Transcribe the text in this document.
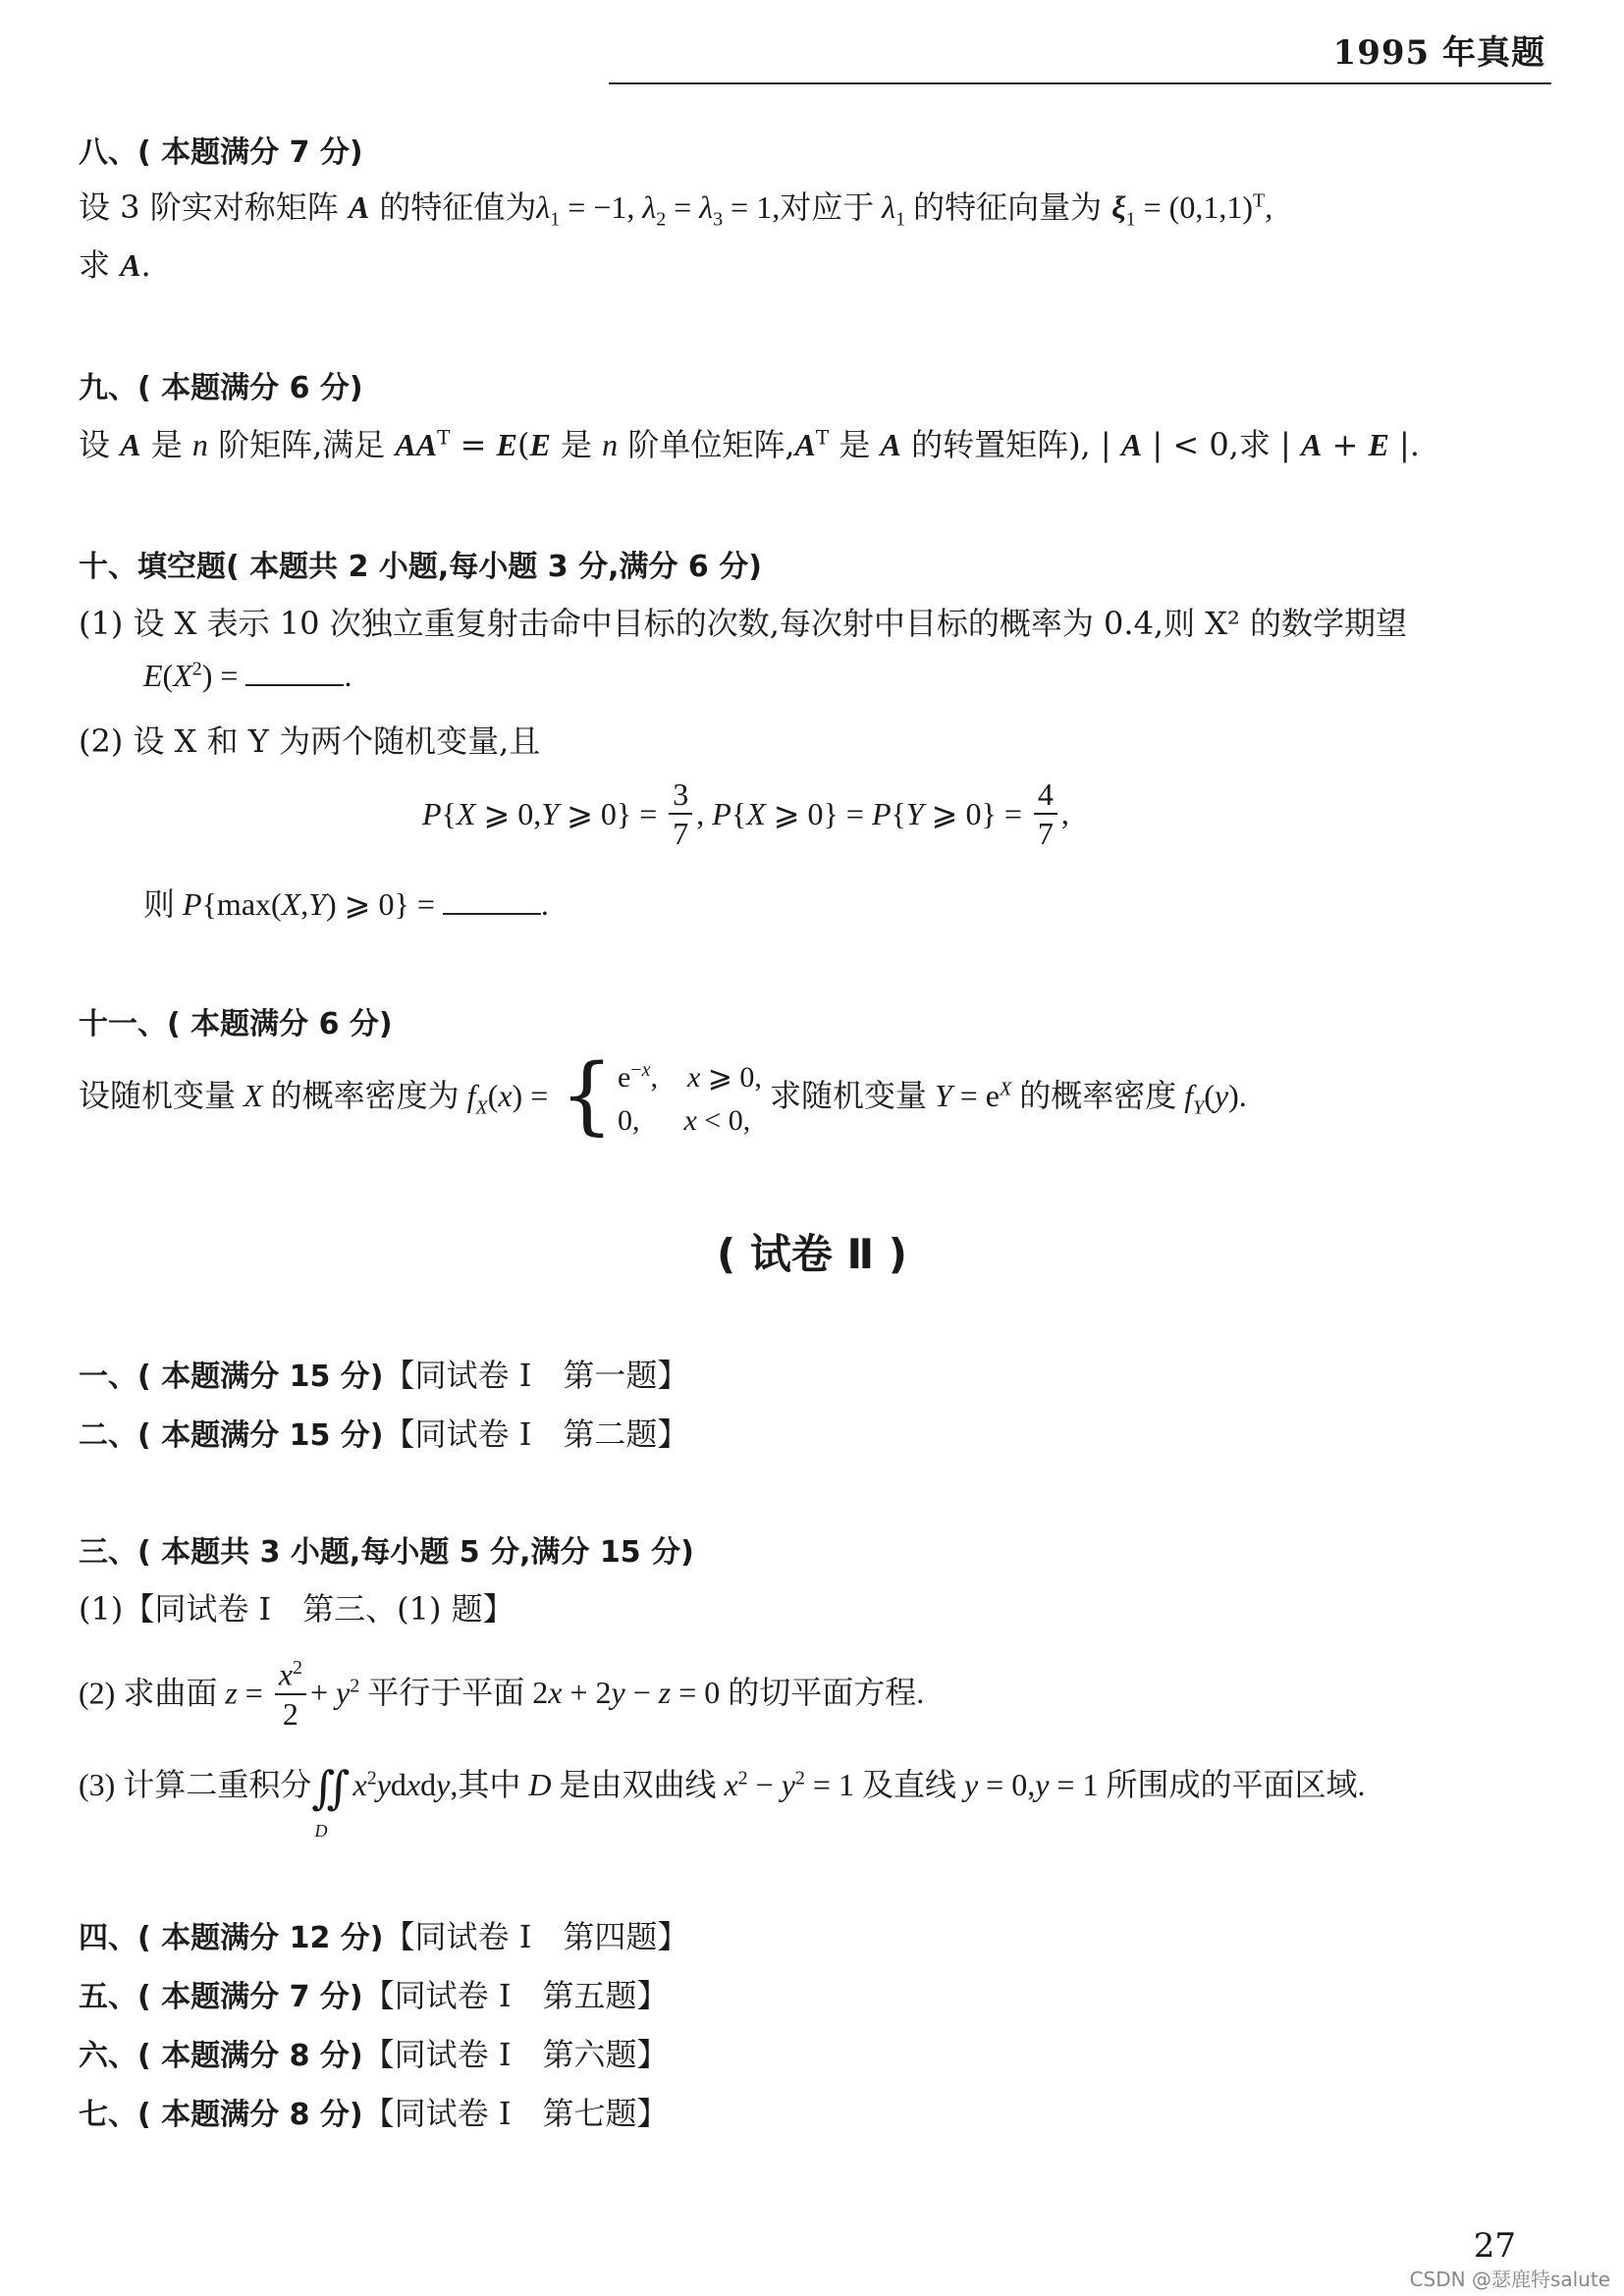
1995 年真题
八、( 本题满分 7 分)
设 3 阶实对称矩阵 A 的特征值为$\lambda_1 = -1$, $\lambda_2 = \lambda_3 = 1$,对应于 $\lambda_1$ 的特征向量为 $\xi_1 = (0,1,1)^T$,
求 A.
九、( 本题满分 6 分)
设 A 是 n 阶矩阵,满足 $AA^T = E(E$ 是 n 阶单位矩阵$,A^T$ 是 A 的转置矩阵), | A | < 0,求 | A + E |.
十、填空题( 本题共 2 小题,每小题 3 分,满分 6 分)
(1) 设 X 表示 10 次独立重复射击命中目标的次数,每次射中目标的概率为 0.4,则 X² 的数学期望
$E(X^2)$ =	.
(2) 设 X 和 Y 为两个随机变量,且
P{X ⩾ 0,Y ⩾ $0\} = \frac{3}{7}$ , P{X ⩾ 0} = P{Y ⩾ $0\} = \frac{4}{7}$ ,
则 P{max(X,Y) ⩾ 0} =	.
十一、( 本题满分 6 分)
设随机变量 X 的概率密度为 $f_X(x)$ = { $e^{-x}$,    x ⩾ 0,
0,      x < 0,求随机变量 $Y = e^X$ 的概率密度 $f_Y(y)$.
( 试卷 Ⅱ )
一、( 本题满分 15 分)【同试卷 Ⅰ　第一题】
二、( 本题满分 15 分)【同试卷 Ⅰ　第二题】
三、( 本题共 3 小题,每小题 5 分,满分 15 分)
(1)【同试卷 Ⅰ　第三、(1) 题】
(2) 求曲面 $z = \frac{x^2}{2} + y^2$ 平行于平面 2x + 2y − z = 0 的切平面方程.
(3) 计算二重积分$∬_Dx^2ydxdy$,其中 D 是由双曲线 $x^2 - y^2 = 1$ 及直线 y = 0,y = 1 所围成的平面区域.
四、( 本题满分 12 分)【同试卷 Ⅰ　第四题】
五、( 本题满分 7 分)【同试卷 Ⅰ　第五题】
六、( 本题满分 8 分)【同试卷 Ⅰ　第六题】
七、( 本题满分 8 分)【同试卷 Ⅰ　第七题】
27
CSDN @瑟鹿特salute
